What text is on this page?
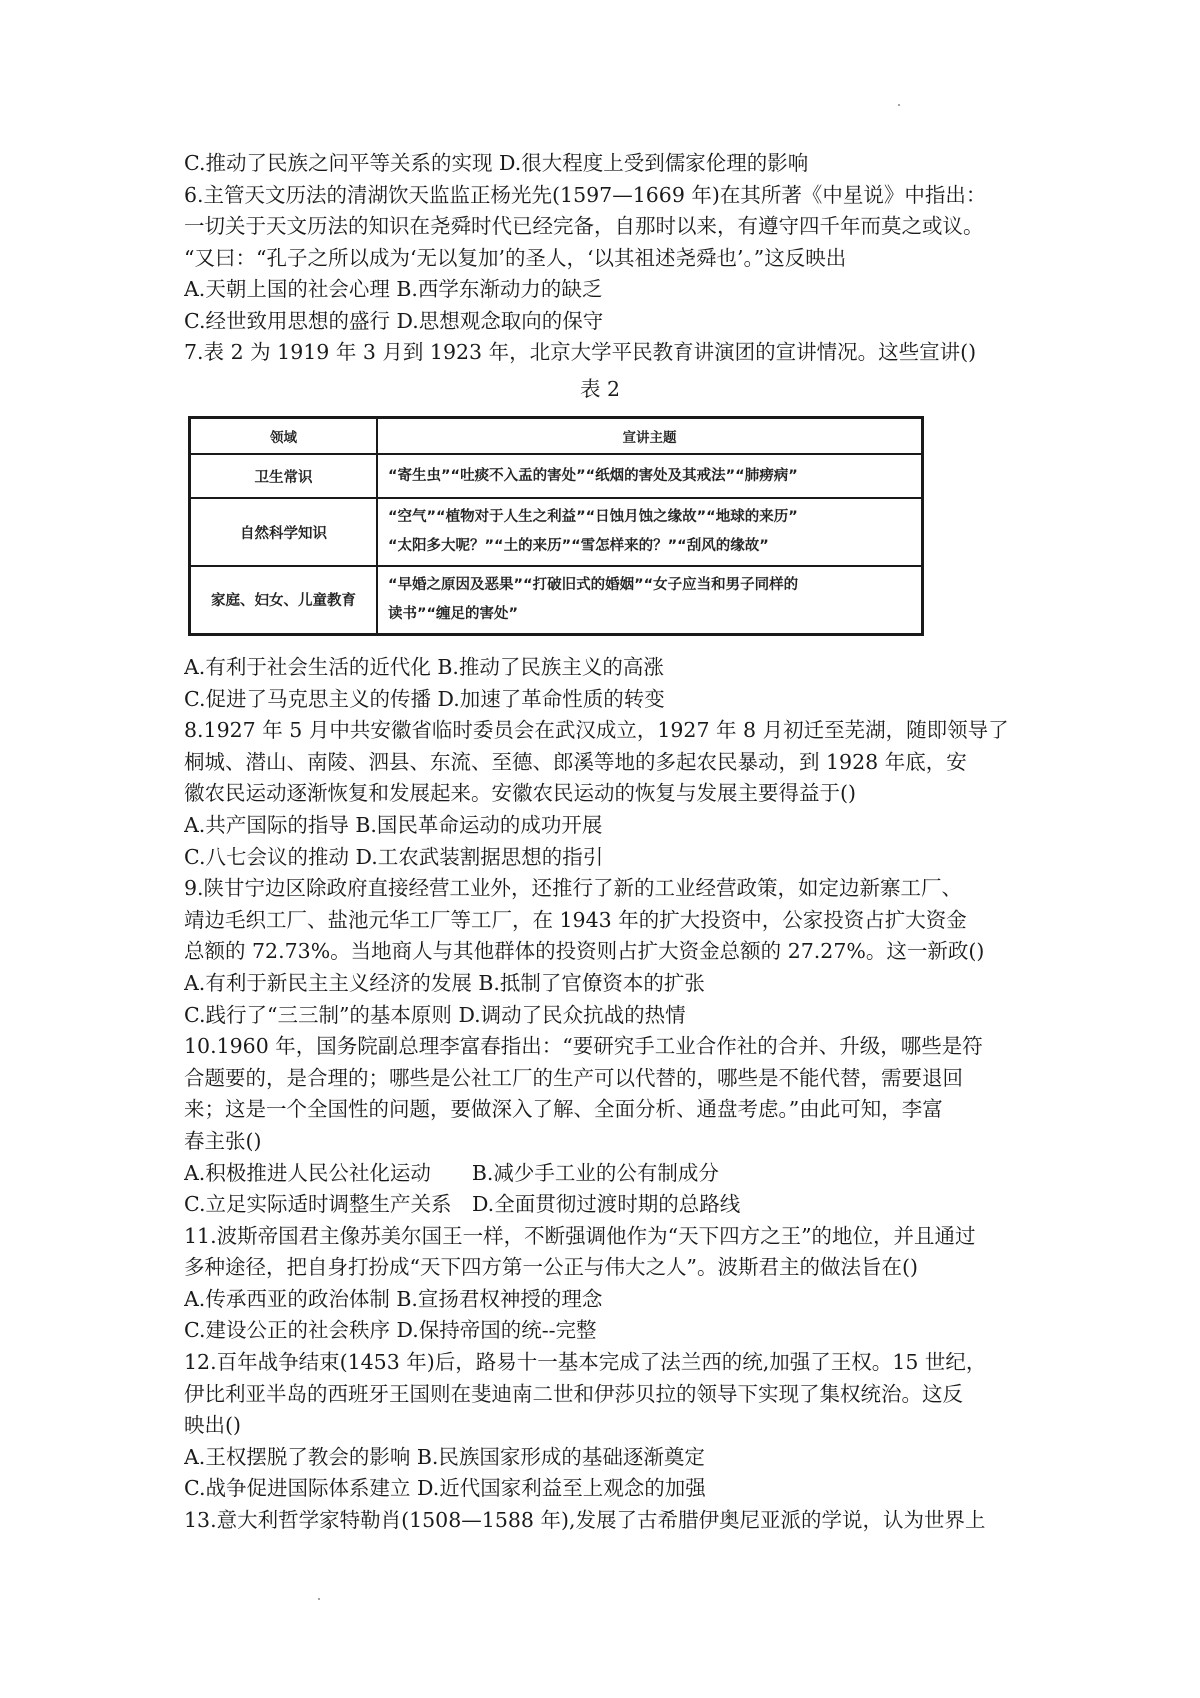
C.推动了民族之问平等关系的实现 D.很大程度上受到儒家伦理的影响
6.主管天文历法的清湖饮天监监正杨光先(1597—1669 年)在其所著《中星说》中指出：
一切关于天文历法的知识在尧舜时代已经完备，自那时以来，有遵守四千年而莫之或议。
“又曰：“孔子之所以成为‘无以复加’的圣人，‘以其祖述尧舜也’。”这反映出
A.天朝上国的社会心理 B.西学东渐动力的缺乏
C.经世致用思想的盛行 D.思想观念取向的保守
7.表 2 为 1919 年 3 月到 1923 年，北京大学平民教育讲演团的宣讲情况。这些宣讲()
表 2
领域	宣讲主题
卫生常识	“寄生虫”“吐痰不入盂的害处”“纸烟的害处及其戒法”“肺痨病”

自然科学知识	“空气”“植物对于人生之利益”“日蚀月蚀之缘故”“地球的来历”
“太阳多大呢？”“土的来历”“雪怎样来的？”“刮风的缘故”

家庭、妇女、儿童教育	“早婚之原因及恶果”“打破旧式的婚姻”“女子应当和男子同样的
读书”“缠足的害处”
A.有利于社会生活的近代化 B.推动了民族主义的高涨
C.促进了马克思主义的传播 D.加速了革命性质的转变
8.1927 年 5 月中共安徽省临时委员会在武汉成立，1927 年 8 月初迁至芜湖，随即领导了
桐城、潜山、南陵、泗县、东流、至德、郎溪等地的多起农民暴动，到 1928 年底，安
徽农民运动逐渐恢复和发展起来。安徽农民运动的恢复与发展主要得益于()
A.共产国际的指导 B.国民革命运动的成功开展
C.八七会议的推动 D.工农武装割据思想的指引
9.陕甘宁边区除政府直接经营工业外，还推行了新的工业经营政策，如定边新寨工厂、
靖边毛织工厂、盐池元华工厂等工厂，在 1943 年的扩大投资中，公家投资占扩大资金
总额的 72.73%。当地商人与其他群体的投资则占扩大资金总额的 27.27%。这一新政()
A.有利于新民主主义经济的发展 B.抵制了官僚资本的扩张
C.践行了“三三制”的基本原则 D.调动了民众抗战的热情
10.1960 年，国务院副总理李富春指出：“要研究手工业合作社的合并、升级，哪些是符
合题要的，是合理的；哪些是公社工厂的生产可以代替的，哪些是不能代替，需要退回
来；这是一个全国性的问题，要做深入了解、全面分析、通盘考虑。”由此可知，李富
春主张()
A.积极推进人民公社化运动　　B.减少手工业的公有制成分
C.立足实际适时调整生产关系　D.全面贯彻过渡时期的总路线
11.波斯帝国君主像苏美尔国王一样，不断强调他作为“天下四方之王”的地位，并且通过
多种途径，把自身打扮成“天下四方第一公正与伟大之人”。波斯君主的做法旨在()
A.传承西亚的政治体制 B.宣扬君权神授的理念
C.建设公正的社会秩序 D.保持帝国的统--完整
12.百年战争结束(1453 年)后，路易十一基本完成了法兰西的统,加强了王权。15 世纪，
伊比利亚半岛的西班牙王国则在斐迪南二世和伊莎贝拉的领导下实现了集权统治。这反
映出()
A.王权摆脱了教会的影响 B.民族国家形成的基础逐渐奠定
C.战争促进国际体系建立 D.近代国家利益至上观念的加强
13.意大利哲学家特勒肖(1508—1588 年),发展了古希腊伊奥尼亚派的学说，认为世界上
